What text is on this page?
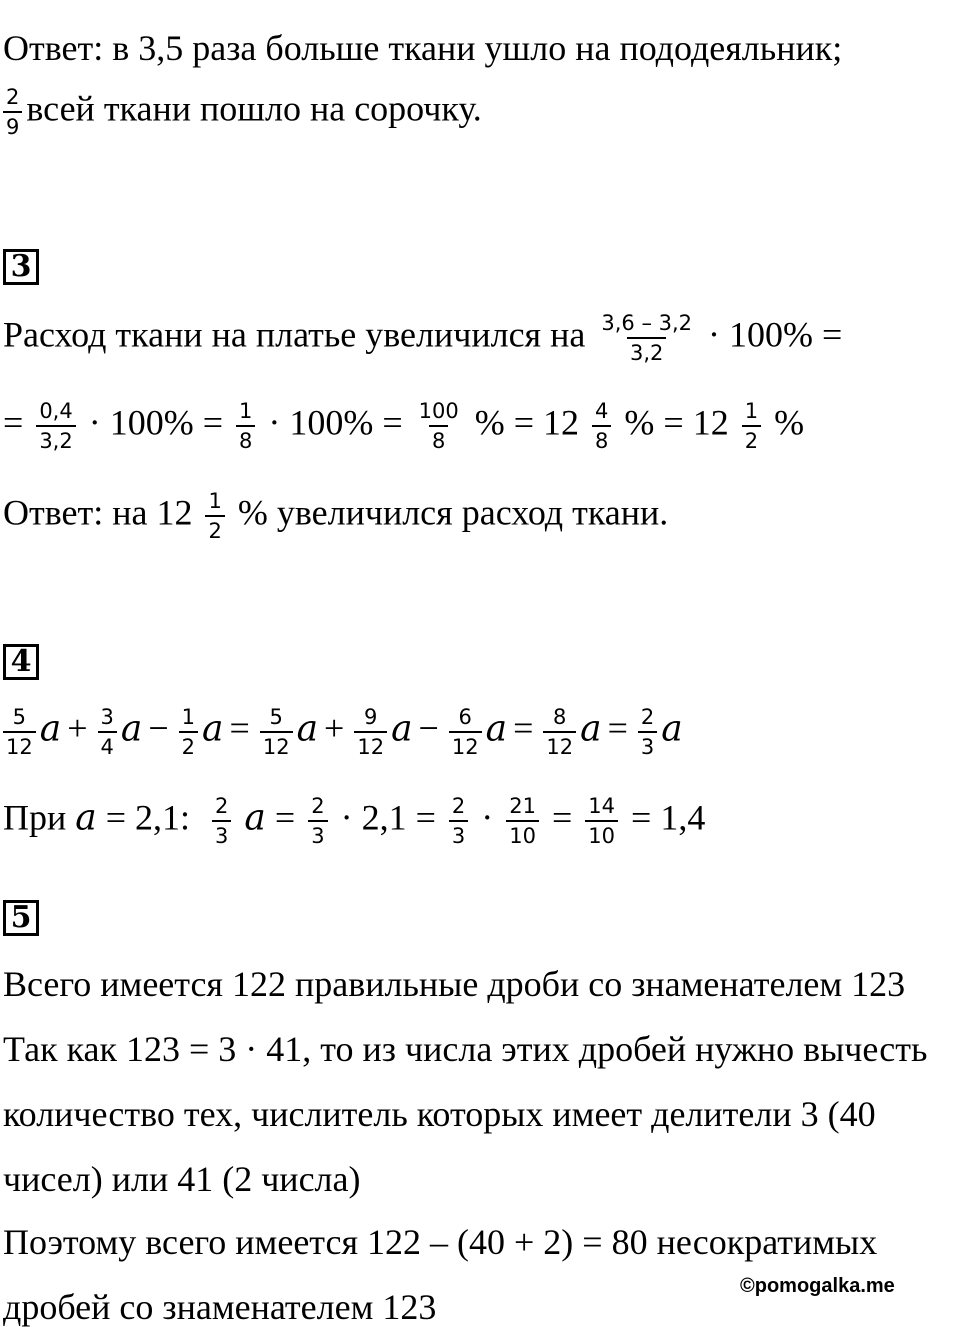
Ответ: в 3,5 раза больше ткани ушло на пододеяльник;
$\frac{2}{9}$ всей ткани пошло на сорочку.
3
Расход ткани на платье увеличился на $\frac{3,6 - 3,2}{3,2} \cdot 100\%$ =
= $\frac{0,4}{3,2} \cdot 100\% = \frac{1}{8} \cdot 100\% = \frac{100}{8}$ % = $12 \frac{4}{8}$ % = $12 \frac{1}{2}$ %
Ответ: на $12 \frac{1}{2}$ % увеличился расход ткани.
4
$\frac{5}{12}$ $a + \frac{3}{4}$ $a - \frac{1}{2}$ $a = \frac{5}{12}$ $a + \frac{9}{12}$ $a - \frac{6}{12}$ $a = \frac{8}{12}$ $a = \frac{2}{3}$ a
При a = 2,1: $\frac{2}{3}$ $a = \frac{2}{3} \cdot 2,1 = \frac{2}{3} \cdot \frac{21}{10} = \frac{14}{10} = 1,4$
5
Всего имеется 122 правильные дроби со знаменателем 123
Так как 123 = 3 · 41, то из числа этих дробей нужно вычесть
количество тех, числитель которых имеет делители 3 (40
чисел) или 41 (2 числа)
Поэтому всего имеется 122 – (40 + 2) = 80 несократимых
дробей со знаменателем 123
©pomogalka.me
